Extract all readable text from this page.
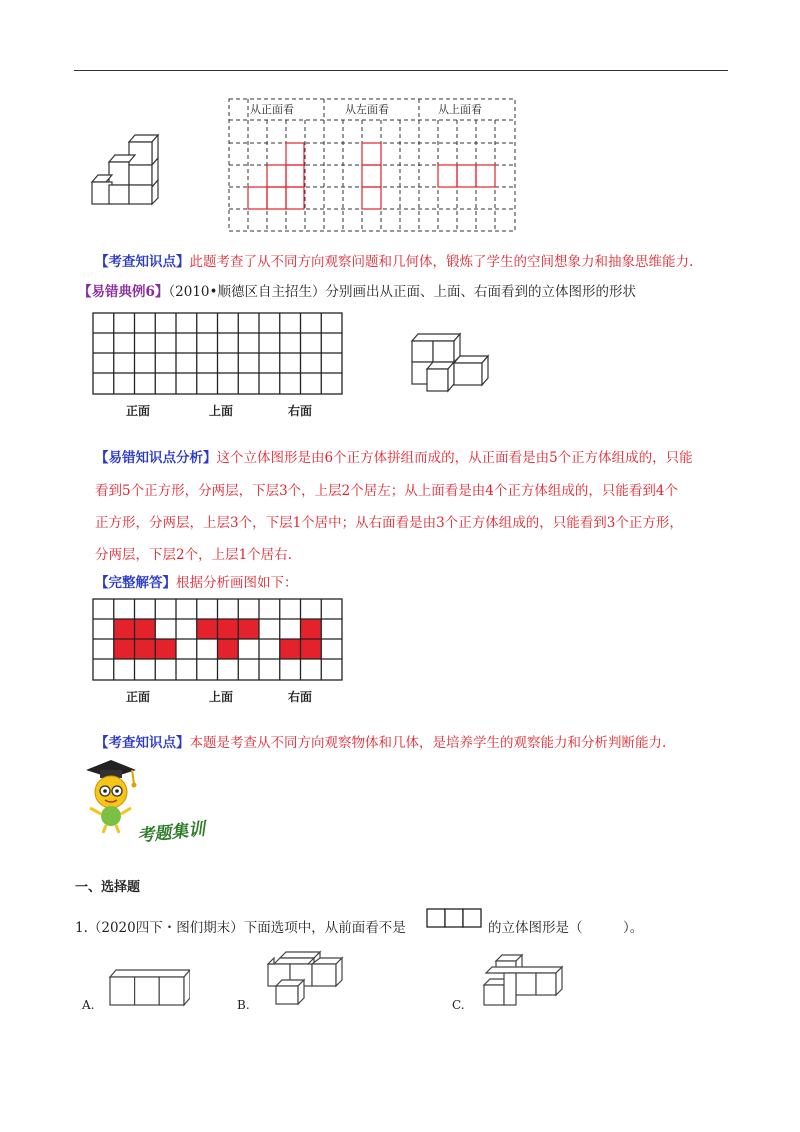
从正面看	从左面看	从上面看
【考查知识点】此题考查了从不同方向观察问题和几何体，锻炼了学生的空间想象力和抽象思维能力.
【易错典例6】（2010•顺德区自主招生）分别画出从正面、上面、右面看到的立体图形的形状
正面	上面	右面
【易错知识点分析】这个立体图形是由6个正方体拼组而成的，从正面看是由5个正方体组成的，只能
看到5个正方形，分两层，下层3个，上层2个居左；从上面看是由4个正方体组成的，只能看到4个
正方形，分两层，上层3个，下层1个居中；从右面看是由3个正方体组成的，只能看到3个正方形，
分两层，下层2个，上层1个居右.
【完整解答】根据分析画图如下：
正面	上面	右面
【考查知识点】本题是考查从不同方向观察物体和几体，是培养学生的观察能力和分析判断能力.
考题集训
一、选择题
1.（2020四下・图们期末）下面选项中，从前面看不是	的立体图形是（　　　）。
A.	B.	C.
